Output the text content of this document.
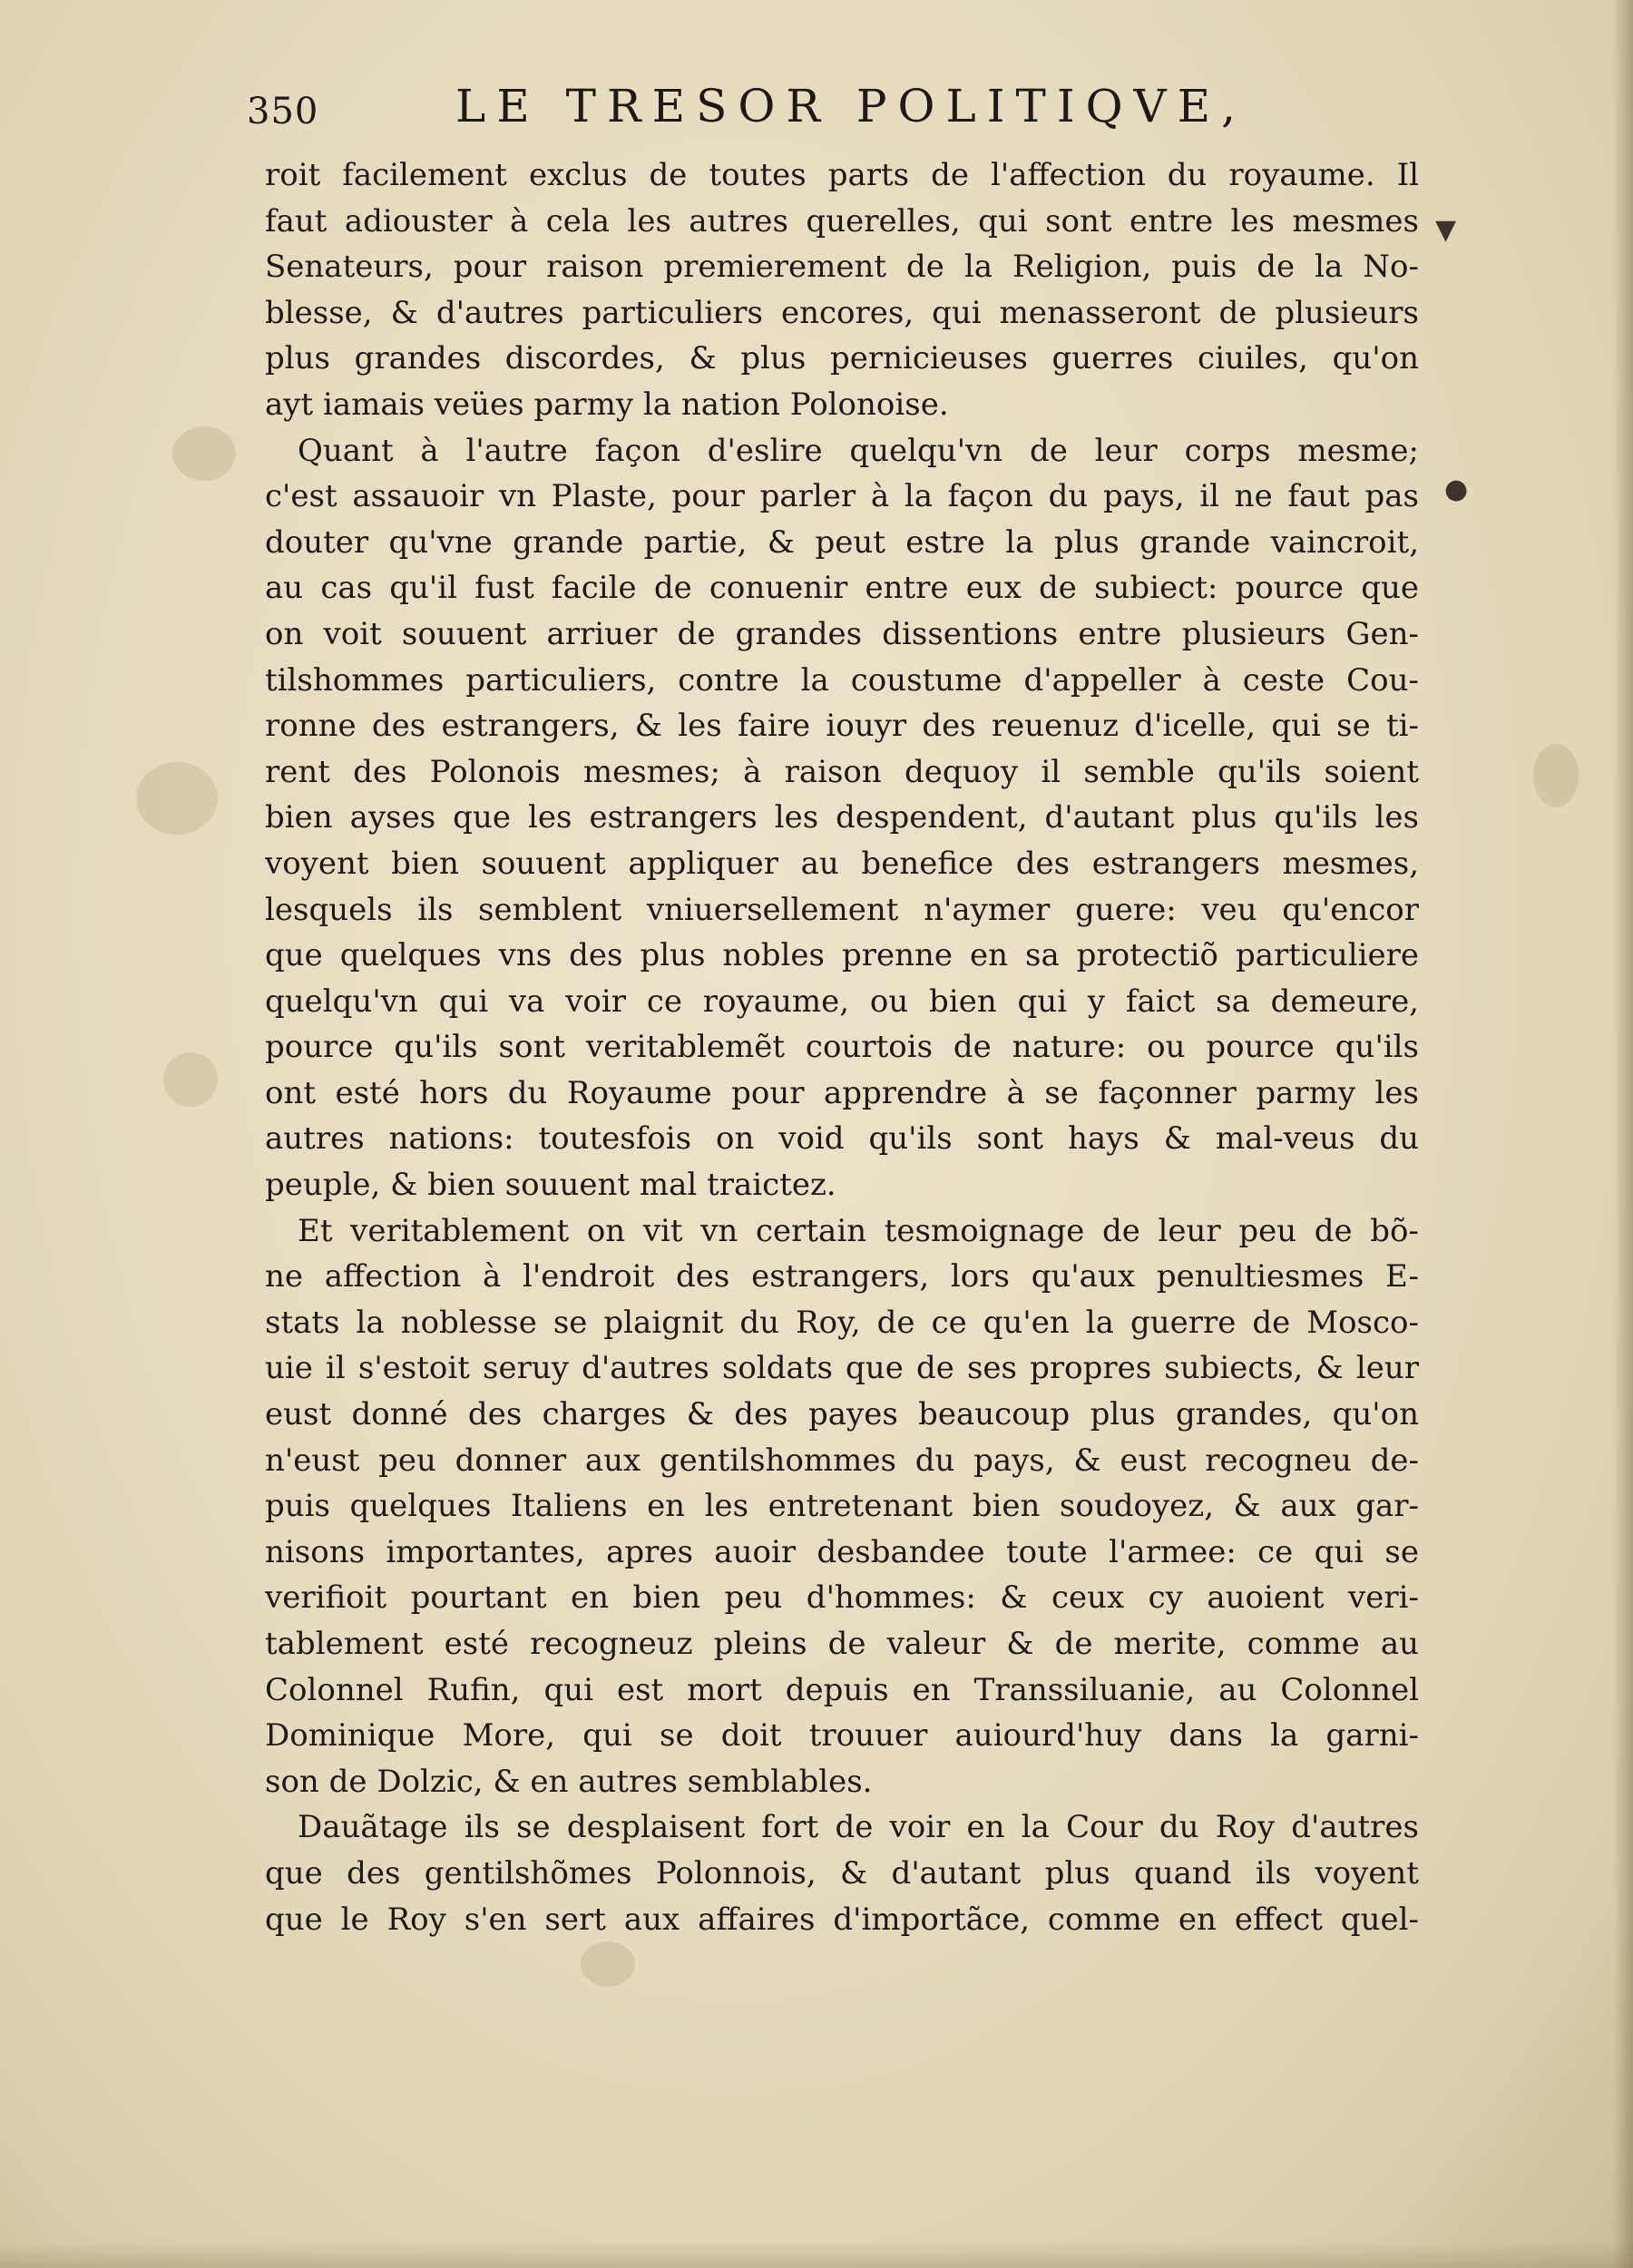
350	LE TRESOR POLITIQVE,
▼
●
roit facilement exclus de toutes parts de l'affection du royaume. Il
faut adiouster à cela les autres querelles, qui sont entre les mesmes
Senateurs, pour raison premierement de la Religion, puis de la No-
blesse, & d'autres particuliers encores, qui menasseront de plusieurs
plus grandes discordes, & plus pernicieuses guerres ciuiles, qu'on
ayt iamais veües parmy la nation Polonoise.
Quant à l'autre façon d'eslire quelqu'vn de leur corps mesme;
c'est assauoir vn Plaste, pour parler à la façon du pays, il ne faut pas
douter qu'vne grande partie, & peut estre la plus grande vaincroit,
au cas qu'il fust facile de conuenir entre eux de subiect: pource que
on voit souuent arriuer de grandes dissentions entre plusieurs Gen-
tilshommes particuliers, contre la coustume d'appeller à ceste Cou-
ronne des estrangers, & les faire iouyr des reuenuz d'icelle, qui se ti-
rent des Polonois mesmes; à raison dequoy il semble qu'ils soient
bien ayses que les estrangers les despendent, d'autant plus qu'ils les
voyent bien souuent appliquer au benefice des estrangers mesmes,
lesquels ils semblent vniuersellement n'aymer guere: veu qu'encor
que quelques vns des plus nobles prenne en sa protectiõ particuliere
quelqu'vn qui va voir ce royaume, ou bien qui y faict sa demeure,
pource qu'ils sont veritablemẽt courtois de nature: ou pource qu'ils
ont esté hors du Royaume pour apprendre à se façonner parmy les
autres nations: toutesfois on void qu'ils sont hays & mal-veus du
peuple, & bien souuent mal traictez.
Et veritablement on vit vn certain tesmoignage de leur peu de bõ-
ne affection à l'endroit des estrangers, lors qu'aux penultiesmes E-
stats la noblesse se plaignit du Roy, de ce qu'en la guerre de Mosco-
uie il s'estoit seruy d'autres soldats que de ses propres subiects, & leur
eust donné des charges & des payes beaucoup plus grandes, qu'on
n'eust peu donner aux gentilshommes du pays, & eust recogneu de-
puis quelques Italiens en les entretenant bien soudoyez, & aux gar-
nisons importantes, apres auoir desbandee toute l'armee: ce qui se
verifioit pourtant en bien peu d'hommes: & ceux cy auoient veri-
tablement esté recogneuz pleins de valeur & de merite, comme au
Colonnel Rufin, qui est mort depuis en Transsiluanie, au Colonnel
Dominique More, qui se doit trouuer auiourd'huy dans la garni-
son de Dolzic, & en autres semblables.
Dauãtage ils se desplaisent fort de voir en la Cour du Roy d'autres
que des gentilshõmes Polonnois, & d'autant plus quand ils voyent
que le Roy s'en sert aux affaires d'importãce, comme en effect quel-
